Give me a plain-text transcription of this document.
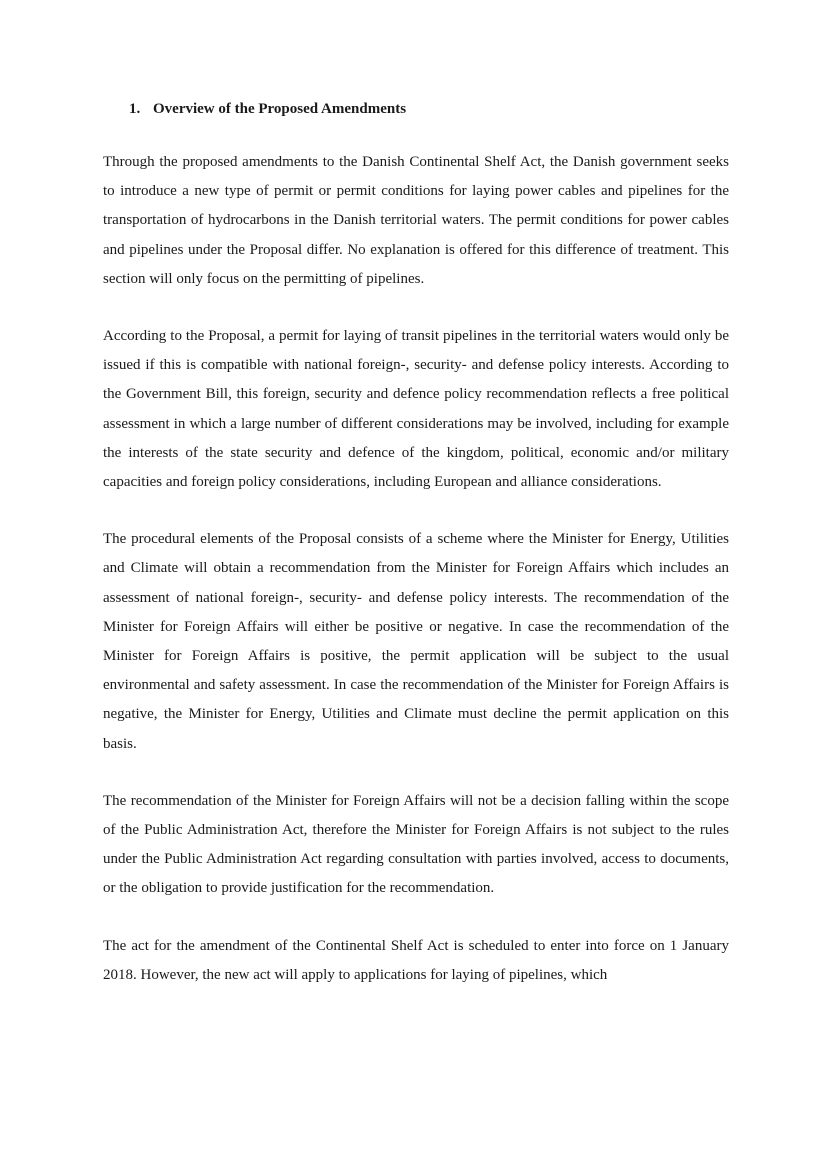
1. Overview of the Proposed Amendments

Through the proposed amendments to the Danish Continental Shelf Act, the Danish government seeks to introduce a new type of permit or permit conditions for laying power cables and pipelines for the transportation of hydrocarbons in the Danish territorial waters. The permit conditions for power cables and pipelines under the Proposal differ. No explanation is offered for this difference of treatment. This section will only focus on the permitting of pipelines.

According to the Proposal, a permit for laying of transit pipelines in the territorial waters would only be issued if this is compatible with national foreign-, security- and defense policy interests. According to the Government Bill, this foreign, security and defence policy recommendation reflects a free political assessment in which a large number of different considerations may be involved, including for example the interests of the state security and defence of the kingdom, political, economic and/or military capacities and foreign policy considerations, including European and alliance considerations.

The procedural elements of the Proposal consists of a scheme where the Minister for Energy, Utilities and Climate will obtain a recommendation from the Minister for Foreign Affairs which includes an assessment of national foreign-, security- and defense policy interests. The recommendation of the Minister for Foreign Affairs will either be positive or negative. In case the recommendation of the Minister for Foreign Affairs is positive, the permit application will be subject to the usual environmental and safety assessment. In case the recommendation of the Minister for Foreign Affairs is negative, the Minister for Energy, Utilities and Climate must decline the permit application on this basis.

The recommendation of the Minister for Foreign Affairs will not be a decision falling within the scope of the Public Administration Act, therefore the Minister for Foreign Affairs is not subject to the rules under the Public Administration Act regarding consultation with parties involved, access to documents, or the obligation to provide justification for the recommendation.

The act for the amendment of the Continental Shelf Act is scheduled to enter into force on 1 January 2018. However, the new act will apply to applications for laying of pipelines, which
